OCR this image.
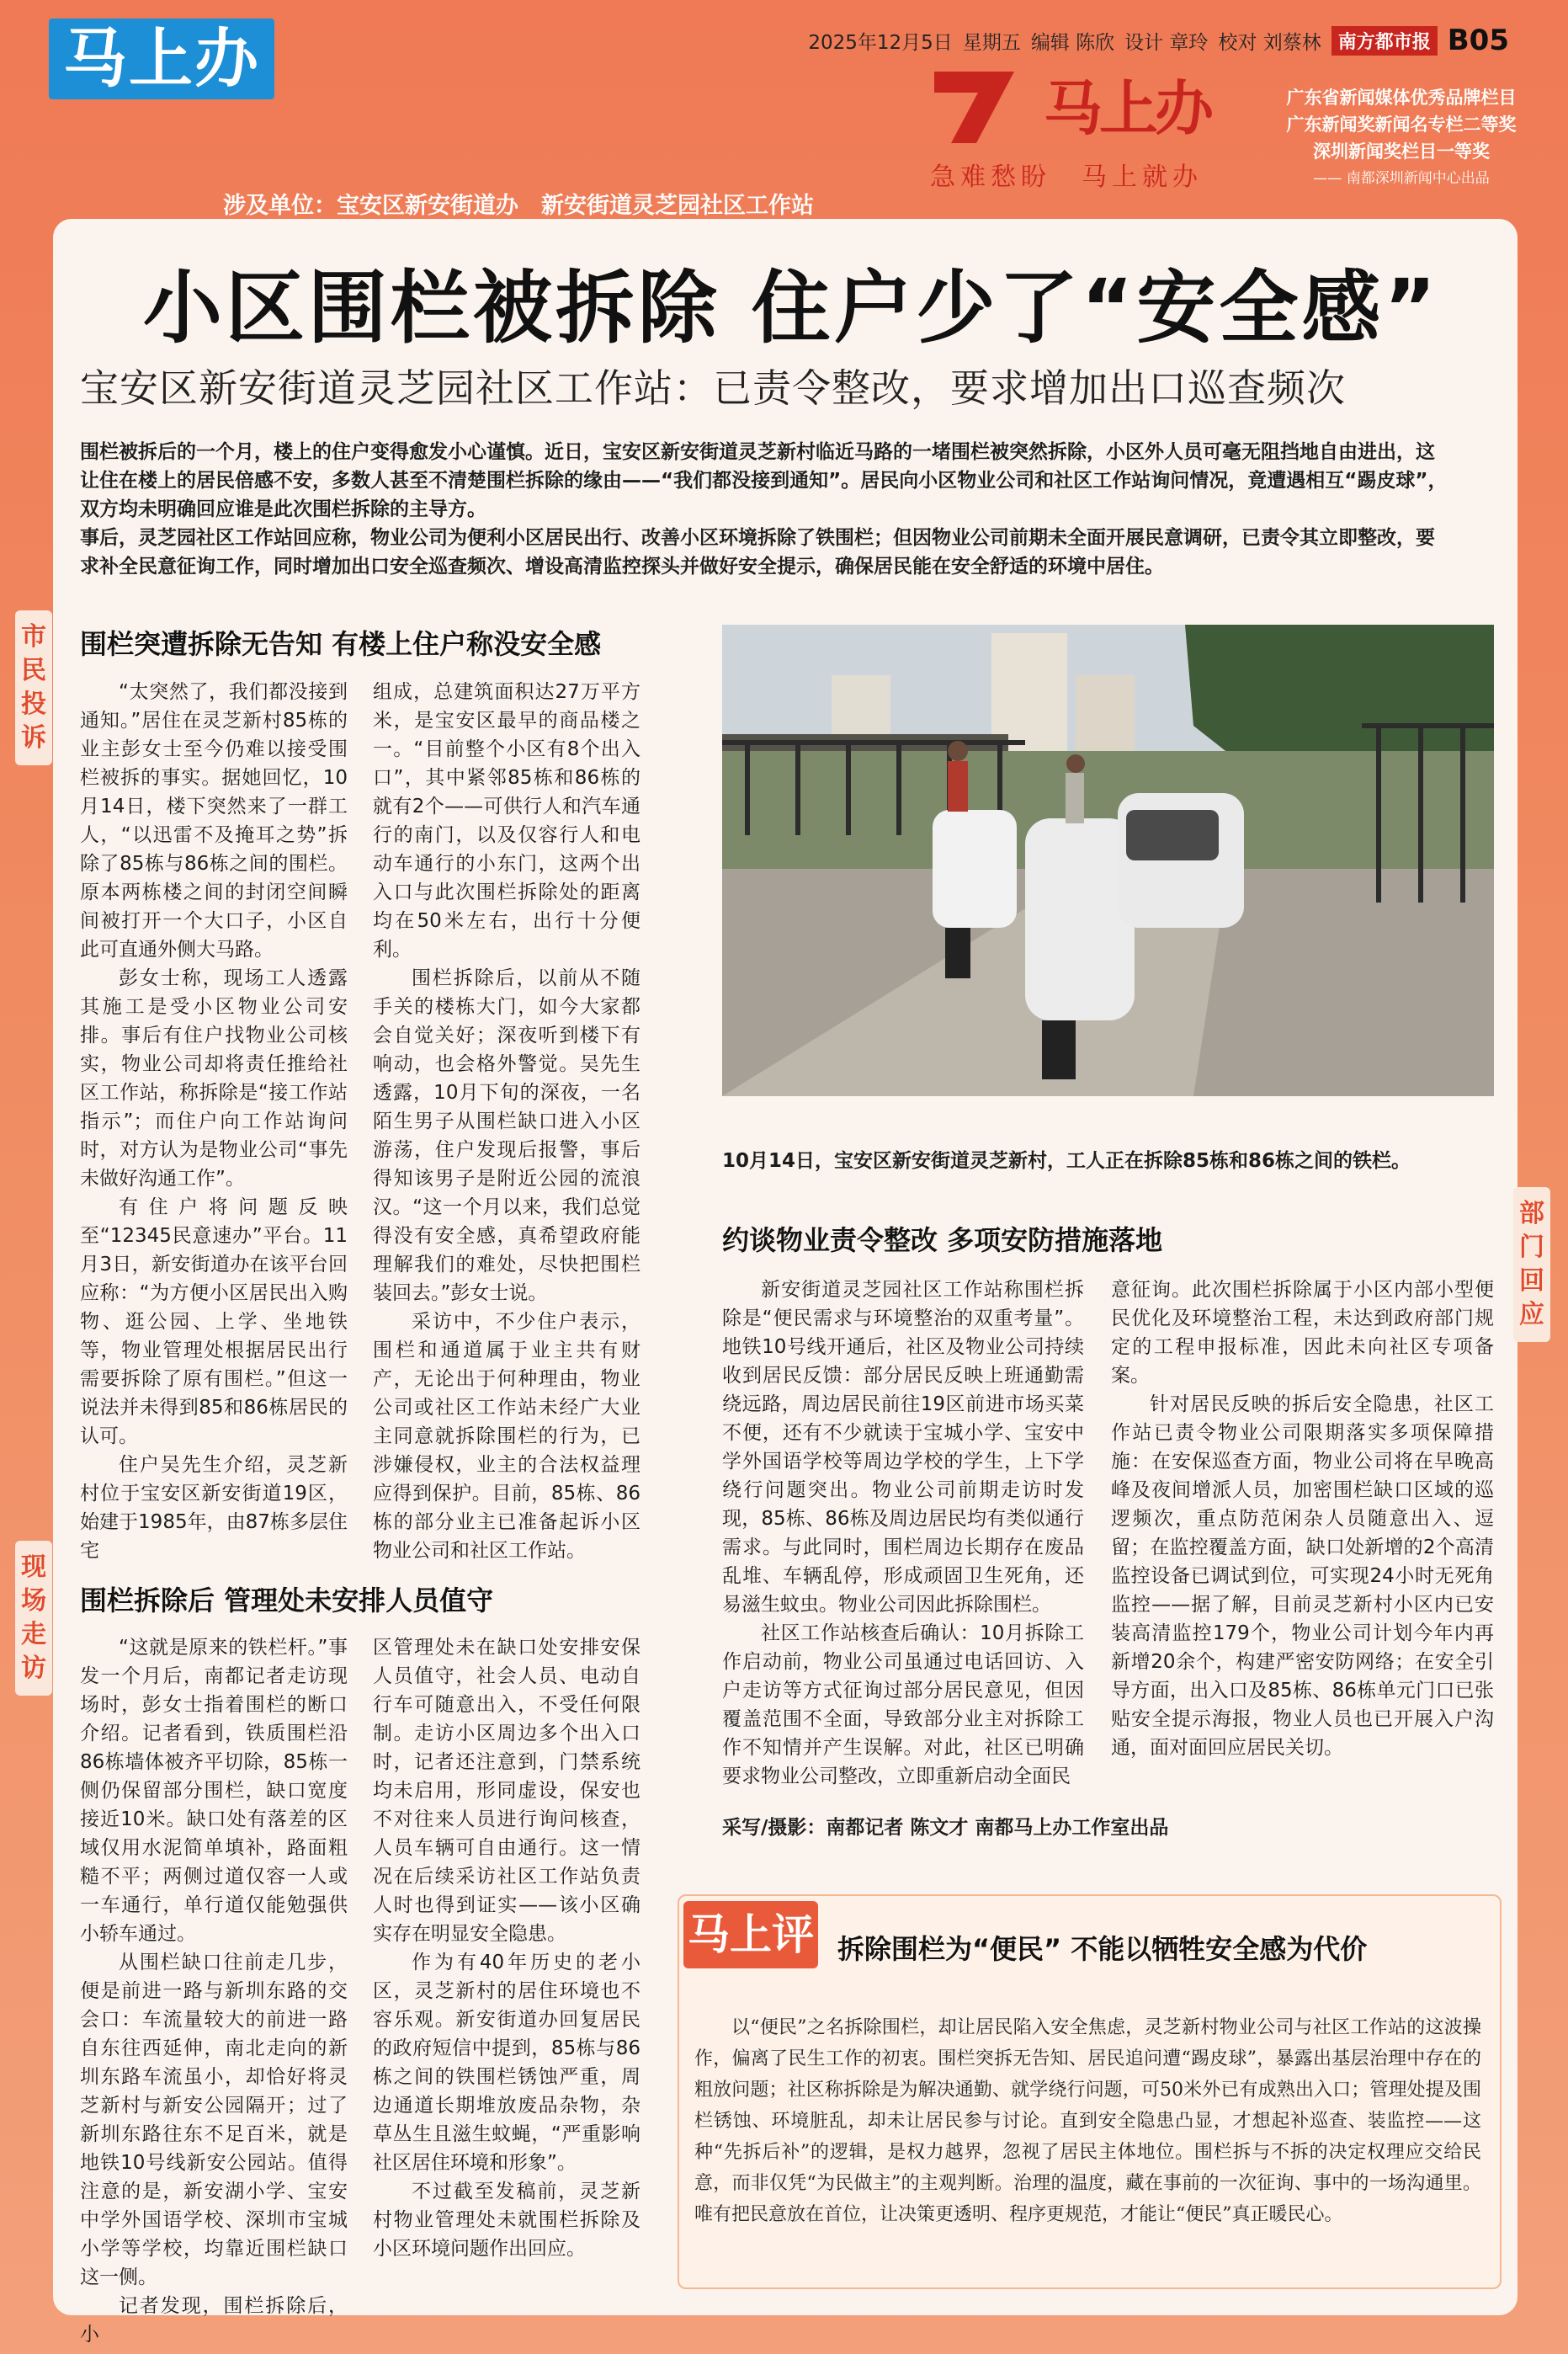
马上办	2025年12月5日 星期五 编辑 陈欣 设计 章玲 校对 刘蔡林 南方都市报 B05
马上办
急难愁盼　马上就办
广东省新闻媒体优秀品牌栏目
广东新闻奖新闻名专栏二等奖
深圳新闻奖栏目一等奖
—— 南都深圳新闻中心出品
涉及单位：宝安区新安街道办　新安街道灵芝园社区工作站
小区围栏被拆除 住户少了“安全感”
宝安区新安街道灵芝园社区工作站：已责令整改，要求增加出口巡查频次

围栏被拆后的一个月，楼上的住户变得愈发小心谨慎。近日，宝安区新安街道灵芝新村临近马路的一堵围栏被突然拆除，小区外人员可毫无阻挡地自由进出，这让住在楼上的居民倍感不安，多数人甚至不清楚围栏拆除的缘由——“我们都没接到通知”。居民向小区物业公司和社区工作站询问情况，竟遭遇相互“踢皮球”，双方均未明确回应谁是此次围栏拆除的主导方。

事后，灵芝园社区工作站回应称，物业公司为便利小区居民出行、改善小区环境拆除了铁围栏；但因物业公司前期未全面开展民意调研，已责令其立即整改，要求补全民意征询工作，同时增加出口安全巡查频次、增设高清监控探头并做好安全提示，确保居民能在安全舒适的环境中居住。

市民投诉
现场走访
部门回应
围栏突遭拆除无告知 有楼上住户称没安全感

“太突然了，我们都没接到通知。”居住在灵芝新村85栋的业主彭女士至今仍难以接受围栏被拆的事实。据她回忆，10月14日，楼下突然来了一群工人，“以迅雷不及掩耳之势”拆除了85栋与86栋之间的围栏。原本两栋楼之间的封闭空间瞬间被打开一个大口子，小区自此可直通外侧大马路。

彭女士称，现场工人透露其施工是受小区物业公司安排。事后有住户找物业公司核实，物业公司却将责任推给社区工作站，称拆除是“接工作站指示”；而住户向工作站询问时，对方认为是物业公司“事先未做好沟通工作”。

有住户将问题反映至“12345民意速办”平台。11月3日，新安街道办在该平台回应称：“为方便小区居民出入购物、逛公园、上学、坐地铁等，物业管理处根据居民出行需要拆除了原有围栏。”但这一说法并未得到85和86栋居民的认可。

住户吴先生介绍，灵芝新村位于宝安区新安街道19区，始建于1985年，由87栋多层住宅

组成，总建筑面积达27万平方米，是宝安区最早的商品楼之一。“目前整个小区有8个出入口”，其中紧邻85栋和86栋的就有2个——可供行人和汽车通行的南门，以及仅容行人和电动车通行的小东门，这两个出入口与此次围栏拆除处的距离均在50米左右，出行十分便利。

围栏拆除后，以前从不随手关的楼栋大门，如今大家都会自觉关好；深夜听到楼下有响动，也会格外警觉。吴先生透露，10月下旬的深夜，一名陌生男子从围栏缺口进入小区游荡，住户发现后报警，事后得知该男子是附近公园的流浪汉。“这一个月以来，我们总觉得没有安全感，真希望政府能理解我们的难处，尽快把围栏装回去。”彭女士说。

采访中，不少住户表示，围栏和通道属于业主共有财产，无论出于何种理由，物业公司或社区工作站未经广大业主同意就拆除围栏的行为，已涉嫌侵权，业主的合法权益理应得到保护。目前，85栋、86栋的部分业主已准备起诉小区物业公司和社区工作站。

10月14日，宝安区新安街道灵芝新村，工人正在拆除85栋和86栋之间的铁栏。
围栏拆除后 管理处未安排人员值守

“这就是原来的铁栏杆。”事发一个月后，南都记者走访现场时，彭女士指着围栏的断口介绍。记者看到，铁质围栏沿86栋墙体被齐平切除，85栋一侧仍保留部分围栏，缺口宽度接近10米。缺口处有落差的区域仅用水泥简单填补，路面粗糙不平；两侧过道仅容一人或一车通行，单行道仅能勉强供小轿车通过。

从围栏缺口往前走几步，便是前进一路与新圳东路的交会口：车流量较大的前进一路自东往西延伸，南北走向的新圳东路车流虽小，却恰好将灵芝新村与新安公园隔开；过了新圳东路往东不足百米，就是地铁10号线新安公园站。值得注意的是，新安湖小学、宝安中学外国语学校、深圳市宝城小学等学校，均靠近围栏缺口这一侧。

记者发现，围栏拆除后，小

区管理处未在缺口处安排安保人员值守，社会人员、电动自行车可随意出入，不受任何限制。走访小区周边多个出入口时，记者还注意到，门禁系统均未启用，形同虚设，保安也不对往来人员进行询问核查，人员车辆可自由通行。这一情况在后续采访社区工作站负责人时也得到证实——该小区确实存在明显安全隐患。

作为有40年历史的老小区，灵芝新村的居住环境也不容乐观。新安街道办回复居民的政府短信中提到，85栋与86栋之间的铁围栏锈蚀严重，周边通道长期堆放废品杂物，杂草丛生且滋生蚊蝇，“严重影响社区居住环境和形象”。

不过截至发稿前，灵芝新村物业管理处未就围栏拆除及小区环境问题作出回应。

约谈物业责令整改 多项安防措施落地

新安街道灵芝园社区工作站称围栏拆除是“便民需求与环境整治的双重考量”。地铁10号线开通后，社区及物业公司持续收到居民反馈：部分居民反映上班通勤需绕远路，周边居民前往19区前进市场买菜不便，还有不少就读于宝城小学、宝安中学外国语学校等周边学校的学生，上下学绕行问题突出。物业公司前期走访时发现，85栋、86栋及周边居民均有类似通行需求。与此同时，围栏周边长期存在废品乱堆、车辆乱停，形成顽固卫生死角，还易滋生蚊虫。物业公司因此拆除围栏。

社区工作站核查后确认：10月拆除工作启动前，物业公司虽通过电话回访、入户走访等方式征询过部分居民意见，但因覆盖范围不全面，导致部分业主对拆除工作不知情并产生误解。对此，社区已明确要求物业公司整改，立即重新启动全面民

意征询。此次围栏拆除属于小区内部小型便民优化及环境整治工程，未达到政府部门规定的工程申报标准，因此未向社区专项备案。

针对居民反映的拆后安全隐患，社区工作站已责令物业公司限期落实多项保障措施：在安保巡查方面，物业公司将在早晚高峰及夜间增派人员，加密围栏缺口区域的巡逻频次，重点防范闲杂人员随意出入、逗留；在监控覆盖方面，缺口处新增的2个高清监控设备已调试到位，可实现24小时无死角监控——据了解，目前灵芝新村小区内已安装高清监控179个，物业公司计划今年内再新增20余个，构建严密安防网络；在安全引导方面，出入口及85栋、86栋单元门口已张贴安全提示海报，物业人员也已开展入户沟通，面对面回应居民关切。

采写/摄影：南都记者 陈文才 南都马上办工作室出品
马上评 拆除围栏为“便民” 不能以牺牲安全感为代价
以“便民”之名拆除围栏，却让居民陷入安全焦虑，灵芝新村物业公司与社区工作站的这波操作，偏离了民生工作的初衷。围栏突拆无告知、居民追问遭“踢皮球”，暴露出基层治理中存在的粗放问题；社区称拆除是为解决通勤、就学绕行问题，可50米外已有成熟出入口；管理处提及围栏锈蚀、环境脏乱，却未让居民参与讨论。直到安全隐患凸显，才想起补巡查、装监控——这种“先拆后补”的逻辑，是权力越界，忽视了居民主体地位。围栏拆与不拆的决定权理应交给民意，而非仅凭“为民做主”的主观判断。治理的温度，藏在事前的一次征询、事中的一场沟通里。唯有把民意放在首位，让决策更透明、程序更规范，才能让“便民”真正暖民心。
